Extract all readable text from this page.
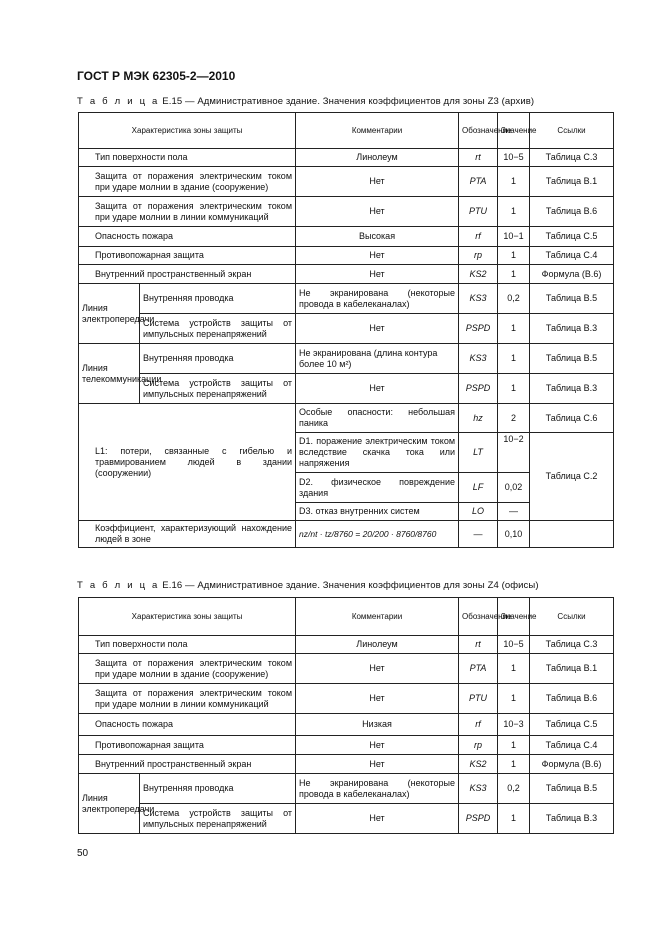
ГОСТ Р МЭК 62305-2—2010
Т а б л и ц а Е.15 — Административное здание. Значения коэффициентов для зоны Z3 (архив)
Характеристика зоны защиты		Комментарии	Обозначение	Значение	Ссылки
Тип поверхности пола		Линолеум	rt	10−5	Таблица С.3
Защита от поражения электрическим током при ударе молнии в здание (сооружение)		Нет	PTA	1	Таблица В.1
Защита от поражения электрическим током при ударе молнии в линии коммуникаций		Нет	PTU	1	Таблица В.6
Опасность пожара		Высокая	rf	10−1	Таблица С.5
Противопожарная защита		Нет	rp	1	Таблица С.4
Внутренний пространственный экран		Нет	KS2	1	Формула (В.6)
Линия электропередачи	Внутренняя проводка	Не экранирована (некоторые провода в кабелеканалах)	KS3	0,2	Таблица В.5
	Система устройств защиты от импульсных перенапряжений	Нет	PSPD	1	Таблица В.3
Линия телекоммуникации	Внутренняя проводка	Не экранирована (длина контура более 10 м²)	KS3	1	Таблица В.5
	Система устройств защиты от импульсных перенапряжений	Нет	PSPD	1	Таблица В.3
L1: потери, связанные с гибелью и травмированием людей в здании (сооружении)		Особые опасности: небольшая паника	hz	2	Таблица С.6
		D1. поражение электрическим током вследствие скачка тока или напряжения	LT	10−2	Таблица С.2
		D2. физическое повреждение здания	LF	0,02	
		D3. отказ внутренних систем	LO	—	
Коэффициент, характеризующий нахождение людей в зоне		nz/nt · tz/8760 = 20/200 · 8760/8760	—	0,10	
Т а б л и ц а Е.16 — Административное здание. Значения коэффициентов для зоны Z4 (офисы)
Характеристика зоны защиты		Комментарии	Обозначение	Значение	Ссылки
Тип поверхности пола		Линолеум	rt	10−5	Таблица С.3
Защита от поражения электрическим током при ударе молнии в здание (сооружение)		Нет	PTA	1	Таблица В.1
Защита от поражения электрическим током при ударе молнии в линии коммуникаций		Нет	PTU	1	Таблица В.6
Опасность пожара		Низкая	rf	10−3	Таблица С.5
Противопожарная защита		Нет	rp	1	Таблица С.4
Внутренний пространственный экран		Нет	KS2	1	Формула (В.6)
Линия электропередачи	Внутренняя проводка	Не экранирована (некоторые провода в кабелеканалах)	KS3	0,2	Таблица В.5
	Система устройств защиты от импульсных перенапряжений	Нет	PSPD	1	Таблица В.3
50
